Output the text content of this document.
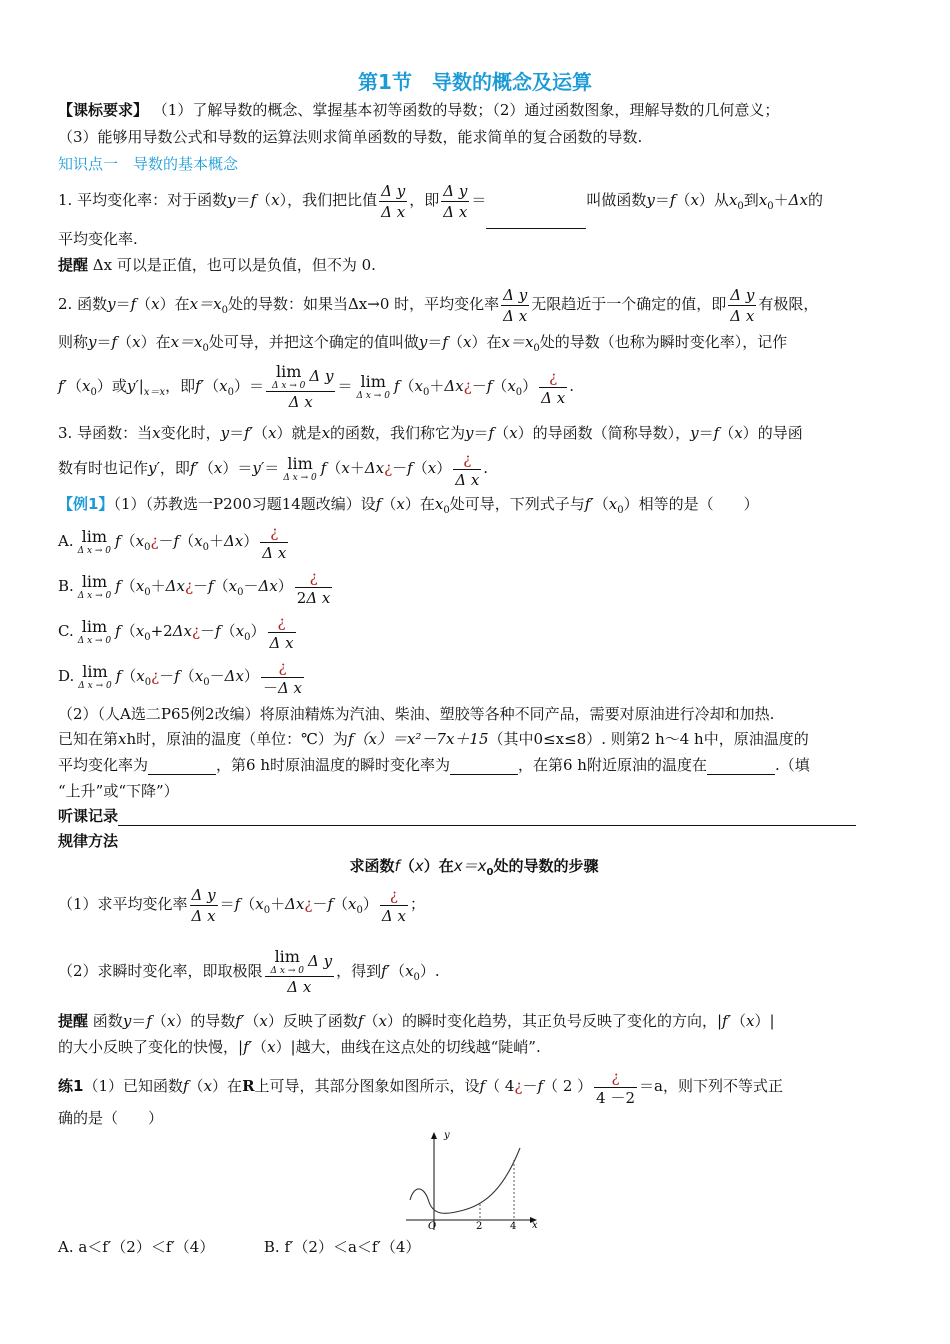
第1节　导数的概念及运算
【课标要求】 （1）了解导数的概念、掌握基本初等函数的导数；（2）通过函数图象，理解导数的几何意义；
（3）能够用导数公式和导数的运算法则求简单函数的导数，能求简单的复合函数的导数.
知识点一　导数的基本概念
1. 平均变化率：对于函数y＝f（x），我们把比值 $\frac{\text{Δ y}}{\text{Δ x}}$ ，即 $\frac{\text{Δ y}}{\text{Δ x}}$ ＝	叫做函数y＝f（x）从$x_0$到$x_0+\Delta x$的
平均变化率.
提醒 Δx 可以是正值，也可以是负值，但不为 0.
2. 函数y＝f（x）在$x=x_0$处的导数：如果当Δx→0 时，平均变化率 $\frac{\text{Δ y}}{\text{Δ x}}$ 无限趋近于一个确定的值，即 $\frac{\text{Δ y}}{\text{Δ x}}$ 有极限，
则称y＝f（x）在$x=x_0$处可导，并把这个确定的值叫做y＝f（x）在$x=x_0$处的导数（也称为瞬时变化率），记作
$f'(x_0)$或$y'|_{x=x}$，即$f'(x_0)= \lim$
Δ x → 0
Δ y
Δ x ＝ lim
Δ x → 0
$f(x_0+\Delta x¿-f(x_0) \frac{¿}{\text{Δ x}}$ .
3. 导函数：当x变化时，y＝f′（x）就是x的函数，我们称它为y＝f（x）的导函数（简称导数），y＝f（x）的导函
数有时也记作y′，即f′（x）＝y′＝ lim
Δ x → 0
f（x＋Δx¿－f（x） $\frac{¿}{\text{Δ x}}$ .
【例1】（1）（苏教选一P200习题14题改编）设f（x）在$x_0$处可导，下列式子与$f'(x_0)$相等的是（　　）
A. lim
Δ x → 0
$f(x_0¿-f(x_0+\Delta x) \frac{¿}{\text{Δ x}}$
B. lim
Δ x → 0
$f(x_0+\Delta x¿-f(x_0-\Delta x) \frac{¿}{\text{2Δ x}}$
C. lim
Δ x → 0
$f(x_0+2\Delta x¿-f(x_0) \frac{¿}{\text{Δ x}}$
D. lim
Δ x → 0
$f(x_0¿-f(x_0-\Delta x) \frac{¿}{\text{－Δ x}}$
（2）（人A选二P65例2改编）将原油精炼为汽油、柴油、塑胶等各种不同产品，需要对原油进行冷却和加热.
已知在第xh时，原油的温度（单位：℃）为f（x）＝x²－7x＋15（其中0≤x≤8）. 则第2 h～4 h中，原油温度的
平均变化率为	，第6 h时原油温度的瞬时变化率为	，在第6 h附近原油的温度在	.（填
“上升”或“下降”）
听课记录
规律方法
求函数f（x）在$x=x_0$处的导数的步骤
（1）求平均变化率 $\frac{\text{Δ y}}{\text{Δ x}}$ $=f(x_0+\Delta x¿-f(x_0) \frac{¿}{\text{Δ x}}$ ；
（2）求瞬时变化率，即取极限 lim
Δ x → 0
Δ y
Δ x ，得到$f'(x_0)$.
提醒 函数y＝f（x）的导数f′（x）反映了函数f（x）的瞬时变化趋势，其正负号反映了变化的方向，|f′（x）|
的大小反映了变化的快慢，|f′（x）|越大，曲线在这点处的切线越“陡峭”.
练1（1）已知函数f（x）在R上可导，其部分图象如图所示，设f（ 4¿－f（ 2 ） $\frac{¿}{4 -2} =a$，则下列不等式正
确的是（　　）
y
x
O	2	4
A. a＜f′（2）＜f′（4）	B. f′（2）＜a＜f′（4）
